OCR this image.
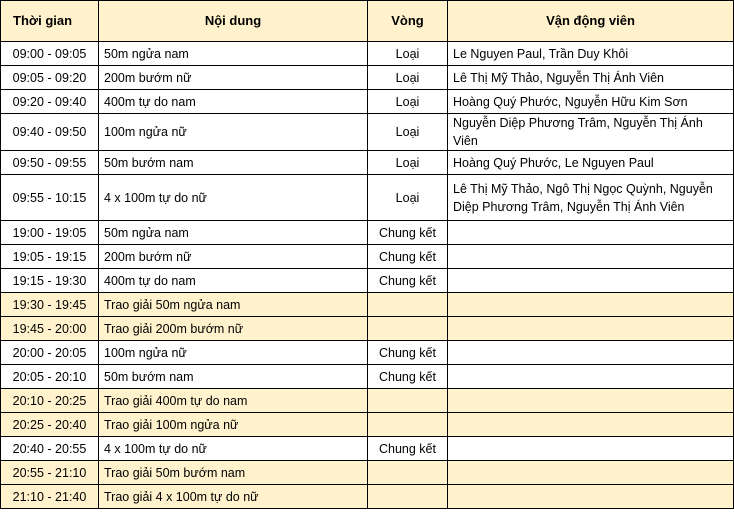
Thời gian	Nội dung	Vòng	Vận động viên
09:00 - 09:05	50m ngửa nam	Loại	Le Nguyen Paul, Trần Duy Khôi
09:05 - 09:20	200m bướm nữ	Loại	Lê Thị Mỹ Thảo, Nguyễn Thị Ánh Viên
09:20 - 09:40	400m tự do nam	Loại	Hoàng Quý Phước, Nguyễn Hữu Kim Sơn
09:40 - 09:50	100m ngửa nữ	Loại	Nguyễn Diệp Phương Trâm, Nguyễn Thị Ánh Viên
09:50 - 09:55	50m bướm nam	Loại	Hoàng Quý Phước, Le Nguyen Paul
09:55 - 10:15	4 x 100m tự do nữ	Loại	Lê Thị Mỹ Thảo, Ngô Thị Ngọc Quỳnh, Nguyễn Diệp Phương Trâm, Nguyễn Thị Ánh Viên
19:00 - 19:05	50m ngửa nam	Chung kết	
19:05 - 19:15	200m bướm nữ	Chung kết	
19:15 - 19:30	400m tự do nam	Chung kết	
19:30 - 19:45	Trao giải 50m ngửa nam		
19:45 - 20:00	Trao giải 200m bướm nữ		
20:00 - 20:05	100m ngửa nữ	Chung kết	
20:05 - 20:10	50m bướm nam	Chung kết	
20:10 - 20:25	Trao giải 400m tự do nam		
20:25 - 20:40	Trao giải 100m ngửa nữ		
20:40 - 20:55	4 x 100m tự do nữ	Chung kết	
20:55 - 21:10	Trao giải 50m bướm nam		
21:10 - 21:40	Trao giải 4 x 100m tự do nữ		
